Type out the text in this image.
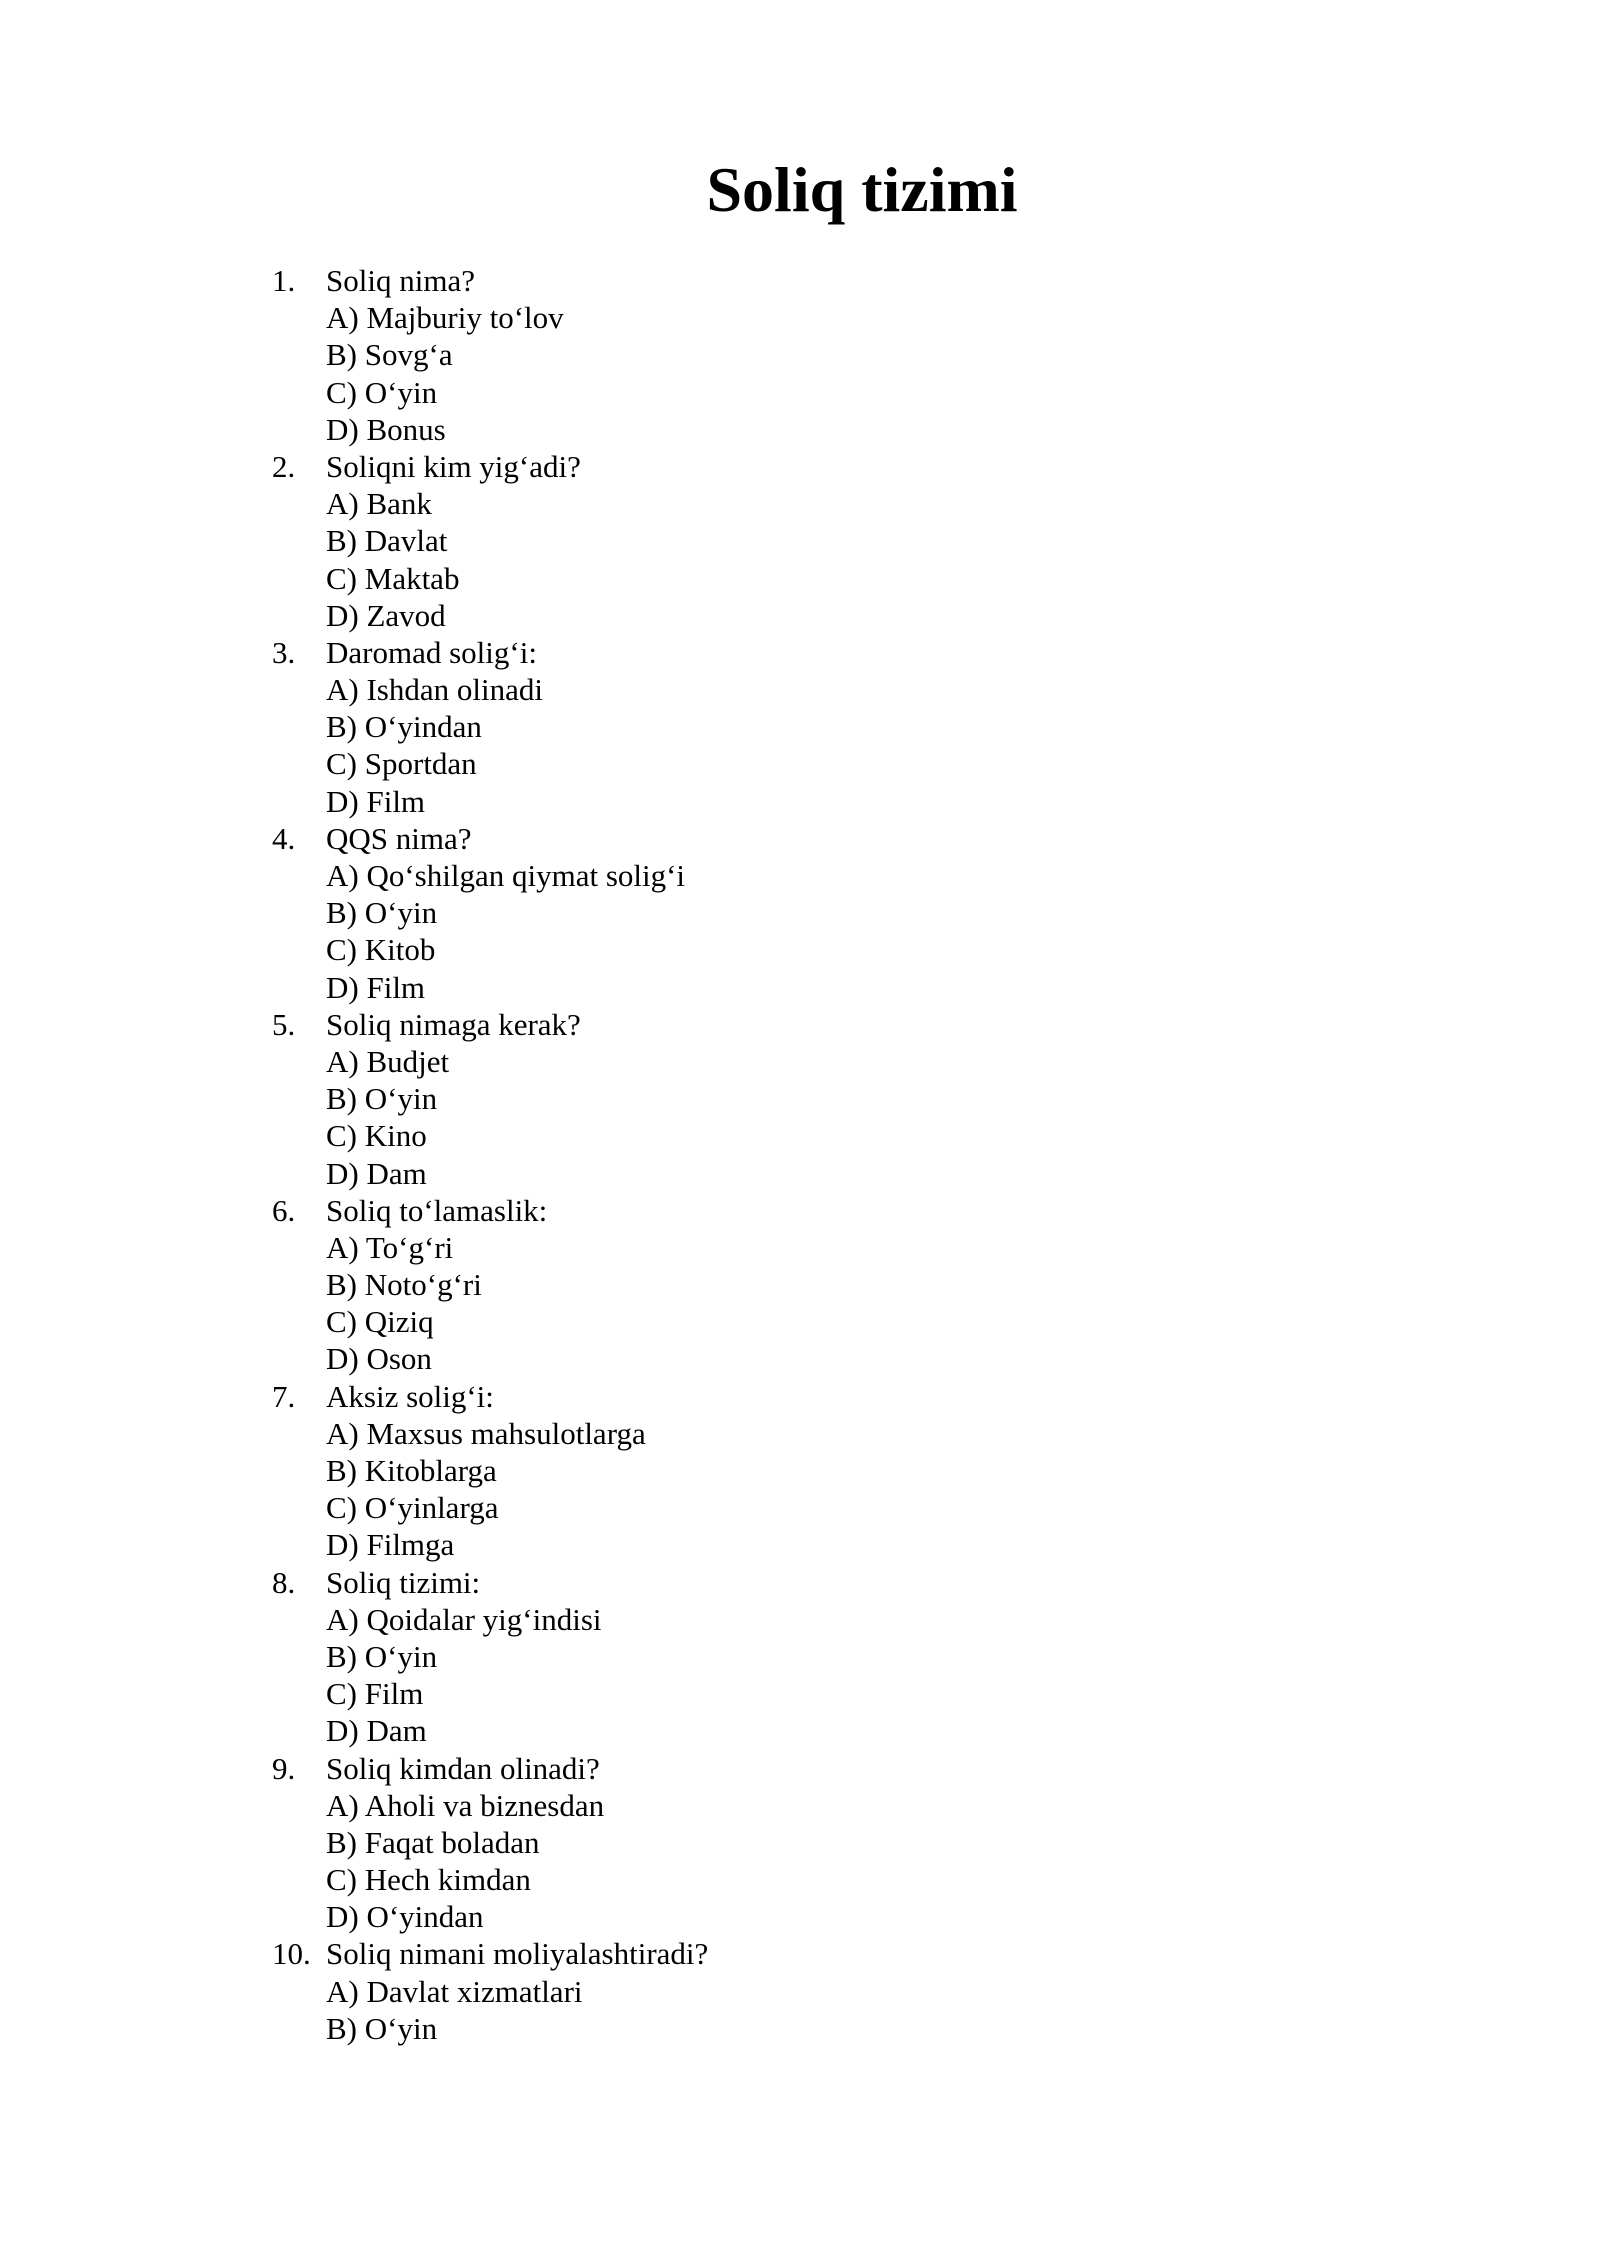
Soliq tizimi
1. Soliq nima?
A) Majburiy to‘lov
B) Sovg‘a
C) O‘yin
D) Bonus
2. Soliqni kim yig‘adi?
A) Bank
B) Davlat
C) Maktab
D) Zavod
3. Daromad solig‘i:
A) Ishdan olinadi
B) O‘yindan
C) Sportdan
D) Film
4. QQS nima?
A) Qo‘shilgan qiymat solig‘i
B) O‘yin
C) Kitob
D) Film
5. Soliq nimaga kerak?
A) Budjet
B) O‘yin
C) Kino
D) Dam
6. Soliq to‘lamaslik:
A) To‘g‘ri
B) Noto‘g‘ri
C) Qiziq
D) Oson
7. Aksiz solig‘i:
A) Maxsus mahsulotlarga
B) Kitoblarga
C) O‘yinlarga
D) Filmga
8. Soliq tizimi:
A) Qoidalar yig‘indisi
B) O‘yin
C) Film
D) Dam
9. Soliq kimdan olinadi?
A) Aholi va biznesdan
B) Faqat boladan
C) Hech kimdan
D) O‘yindan
10. Soliq nimani moliyalashtiradi?
A) Davlat xizmatlari
B) O‘yin
